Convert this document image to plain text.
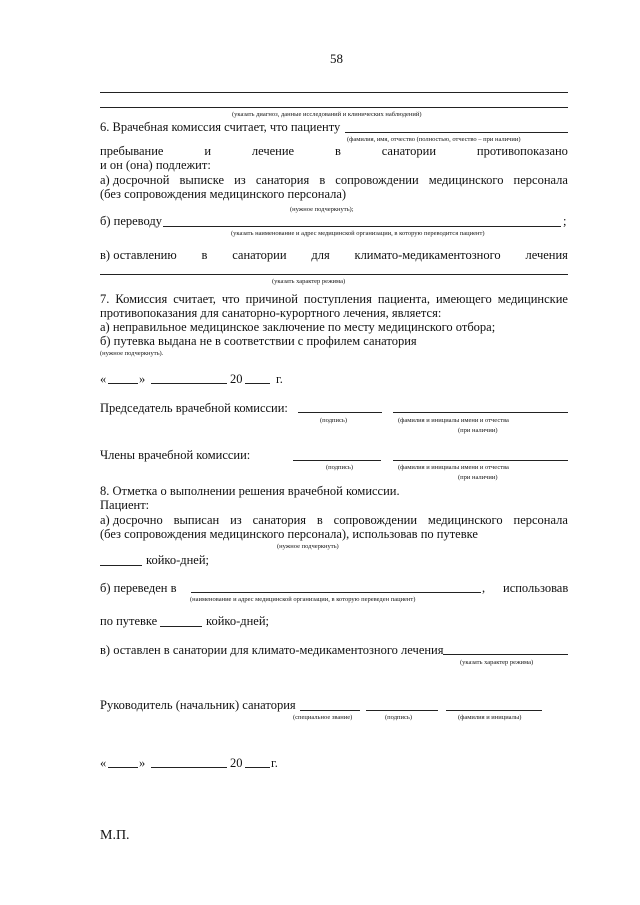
58
(указать диагноз, данные исследований и клинических наблюдений)
6. Врачебная комиссия считает, что пациенту
(фамилия, имя, отчество (полностью, отчество – при наличии)
пребывание	и	лечение	в	санатории	противопоказано
и он (она) подлежит:
а) досрочной выписке из санатория в сопровождении медицинского персонала
(без сопровождения медицинского персонала)
(нужное подчеркнуть);
б) переводу	;
(указать наименование и адрес медицинской организации, в которую переводится пациент)
в) оставлению в санатории для климато-медикаментозного лечения
(указать характер режима)
7. Комиссия считает, что причиной поступления пациента, имеющего медицинские
противопоказания для санаторно-курортного лечения, является:
а) неправильное медицинское заключение по месту медицинского отбора;
б) путевка выдана не в соответствии с профилем санатория
(нужное подчеркнуть).
«	»	20	г.
Председатель врачебной комиссии:
(подпись)	(фамилия и инициалы имени и отчества
(при наличии)
Члены врачебной комиссии:
(подпись)	(фамилия и инициалы имени и отчества
(при наличии)
8. Отметка о выполнении решения врачебной комиссии.
Пациент:
а) досрочно выписан из санатория в сопровождении медицинского персонала
(без сопровождения медицинского персонала), использовав по путевке
(нужное подчеркнуть)
койко-дней;
б) переведен в	, использовав
(наименование и адрес медицинской организации, в которую переведен пациент)
по путевке	койко-дней;
в) оставлен в санатории для климато-медикаментозного лечения
(указать характер режима)
Руководитель (начальник) санатория
(специальное звание)	(подпись)	(фамилия и инициалы)
«	»	20 г.
М.П.
